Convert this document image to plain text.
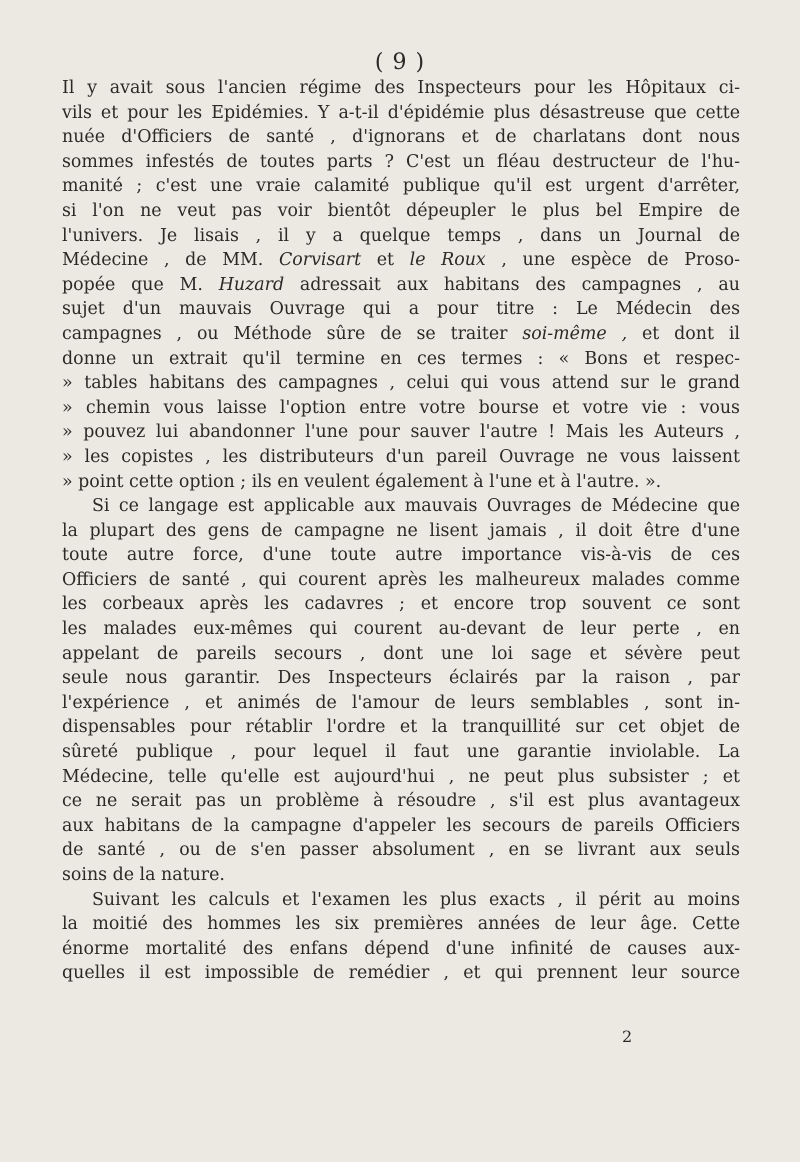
( 9 )
Il y avait sous l'ancien régime des Inspecteurs pour les Hôpitaux ci-
vils et pour les Epidémies. Y a-t-il d'épidémie plus désastreuse que cette
nuée d'Officiers de santé , d'ignorans et de charlatans dont nous
sommes infestés de toutes parts ? C'est un fléau destructeur de l'hu-
manité ; c'est une vraie calamité publique qu'il est urgent d'arrêter,
si l'on ne veut pas voir bientôt dépeupler le plus bel Empire de
l'univers. Je lisais , il y a quelque temps , dans un Journal de
Médecine , de MM. Corvisart et le Roux , une espèce de Proso-
popée que M. Huzard adressait aux habitans des campagnes , au
sujet d'un mauvais Ouvrage qui a pour titre : Le Médecin des
campagnes , ou Méthode sûre de se traiter soi-même , et dont il
donne un extrait qu'il termine en ces termes : « Bons et respec-
» tables habitans des campagnes , celui qui vous attend sur le grand
» chemin vous laisse l'option entre votre bourse et votre vie : vous
» pouvez lui abandonner l'une pour sauver l'autre ! Mais les Auteurs ,
» les copistes , les distributeurs d'un pareil Ouvrage ne vous laissent
» point cette option ; ils en veulent également à l'une et à l'autre. ».
Si ce langage est applicable aux mauvais Ouvrages de Médecine que
la plupart des gens de campagne ne lisent jamais , il doit être d'une
toute autre force, d'une toute autre importance vis-à-vis de ces
Officiers de santé , qui courent après les malheureux malades comme
les corbeaux après les cadavres ; et encore trop souvent ce sont
les malades eux-mêmes qui courent au-devant de leur perte , en
appelant de pareils secours , dont une loi sage et sévère peut
seule nous garantir. Des Inspecteurs éclairés par la raison , par
l'expérience , et animés de l'amour de leurs semblables , sont in-
dispensables pour rétablir l'ordre et la tranquillité sur cet objet de
sûreté publique , pour lequel il faut une garantie inviolable. La
Médecine, telle qu'elle est aujourd'hui , ne peut plus subsister ; et
ce ne serait pas un problème à résoudre , s'il est plus avantageux
aux habitans de la campagne d'appeler les secours de pareils Officiers
de santé , ou de s'en passer absolument , en se livrant aux seuls
soins de la nature.
Suivant les calculs et l'examen les plus exacts , il périt au moins
la moitié des hommes les six premières années de leur âge. Cette
énorme mortalité des enfans dépend d'une infinité de causes aux-
quelles il est impossible de remédier , et qui prennent leur source
2
